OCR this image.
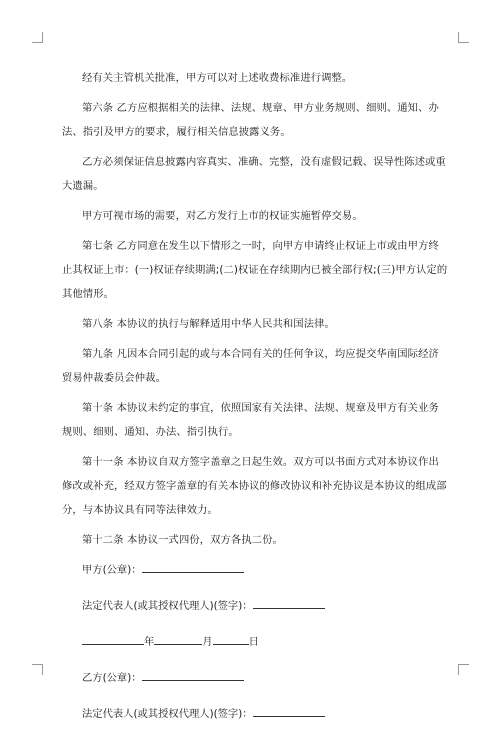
经有关主管机关批准，甲方可以对上述收费标准进行调整。

第六条 乙方应根据相关的法律、法规、规章、甲方业务规则、细则、通知、办法、指引及甲方的要求，履行相关信息披露义务。

乙方必须保证信息披露内容真实、准确、完整，没有虚假记载、误导性陈述或重大遗漏。

甲方可视市场的需要，对乙方发行上市的权证实施暂停交易。

第七条 乙方同意在发生以下情形之一时，向甲方申请终止权证上市或由甲方终止其权证上市：(一)权证存续期满;(二)权证在存续期内已被全部行权;(三)甲方认定的其他情形。

第八条 本协议的执行与解释适用中华人民共和国法律。

第九条 凡因本合同引起的或与本合同有关的任何争议，均应提交华南国际经济贸易仲裁委员会仲裁。

第十条 本协议未约定的事宜，依照国家有关法律、法规、规章及甲方有关业务规则、细则、通知、办法、指引执行。

第十一条 本协议自双方签字盖章之日起生效。双方可以书面方式对本协议作出修改或补充，经双方签字盖章的有关本协议的修改协议和补充协议是本协议的组成部分，与本协议具有同等法律效力。

第十二条 本协议一式四份，双方各执二份。

甲方(公章)：
法定代表人(或其授权代理人)(签字)：
年	月	日
乙方(公章)：
法定代表人(或其授权代理人)(签字)：
